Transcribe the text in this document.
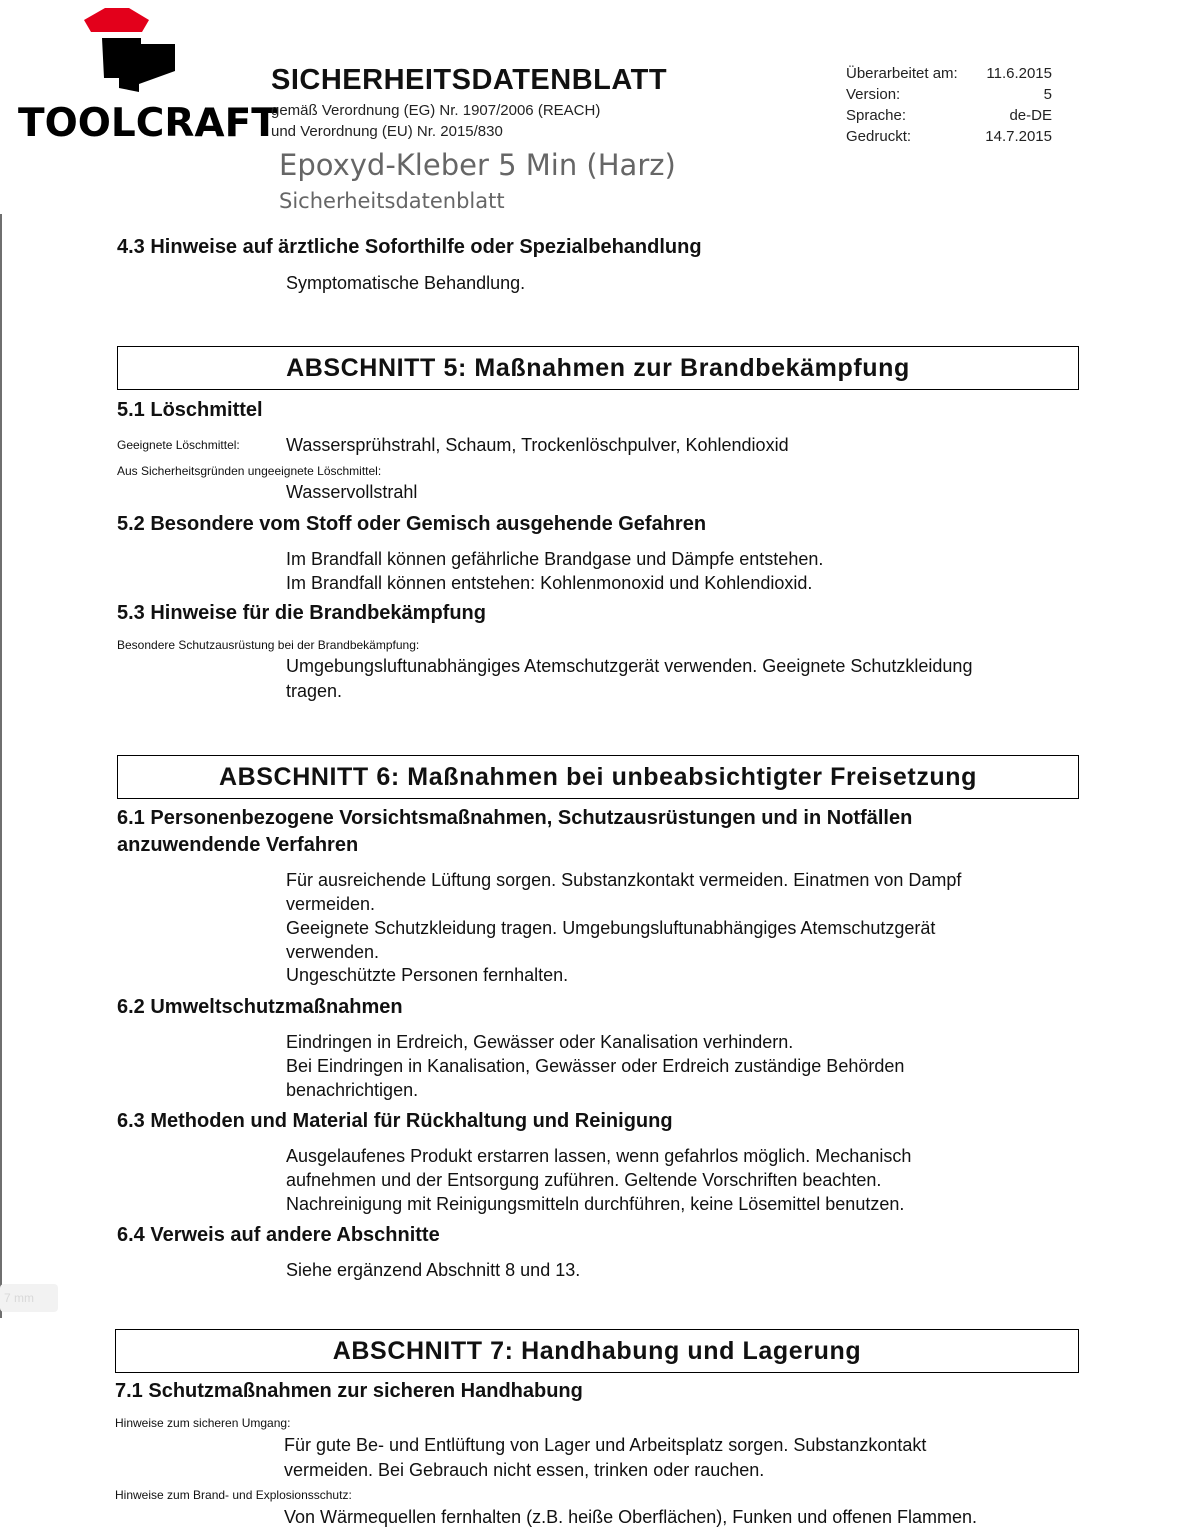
7 mm
TOOLCRAFT
SICHERHEITSDATENBLATT
gemäß Verordnung (EG) Nr. 1907/2006 (REACH)
und Verordnung (EU) Nr. 2015/830
Epoxyd-Kleber 5 Min (Harz)
Sicherheitsdatenblatt
Überarbeitet am:	11.6.2015
Version:	5
Sprache:	de-DE
Gedruckt:	14.7.2015
4.3 Hinweise auf ärztliche Soforthilfe oder Spezialbehandlung
Symptomatische Behandlung.
ABSCHNITT 5: Maßnahmen zur Brandbekämpfung
5.1 Löschmittel
Geeignete Löschmittel:	Wassersprühstrahl, Schaum, Trockenlöschpulver, Kohlendioxid
Aus Sicherheitsgründen ungeeignete Löschmittel:
Wasservollstrahl
5.2 Besondere vom Stoff oder Gemisch ausgehende Gefahren
Im Brandfall können gefährliche Brandgase und Dämpfe entstehen.
Im Brandfall können entstehen: Kohlenmonoxid und Kohlendioxid.
5.3 Hinweise für die Brandbekämpfung
Besondere Schutzausrüstung bei der Brandbekämpfung:
Umgebungsluftunabhängiges Atemschutzgerät verwenden. Geeignete Schutzkleidung
tragen.
ABSCHNITT 6: Maßnahmen bei unbeabsichtigter Freisetzung
6.1 Personenbezogene Vorsichtsmaßnahmen, Schutzausrüstungen und in Notfällen
anzuwendende Verfahren
Für ausreichende Lüftung sorgen. Substanzkontakt vermeiden. Einatmen von Dampf
vermeiden.
Geeignete Schutzkleidung tragen. Umgebungsluftunabhängiges Atemschutzgerät
verwenden.
Ungeschützte Personen fernhalten.
6.2 Umweltschutzmaßnahmen
Eindringen in Erdreich, Gewässer oder Kanalisation verhindern.
Bei Eindringen in Kanalisation, Gewässer oder Erdreich zuständige Behörden
benachrichtigen.
6.3 Methoden und Material für Rückhaltung und Reinigung
Ausgelaufenes Produkt erstarren lassen, wenn gefahrlos möglich. Mechanisch
aufnehmen und der Entsorgung zuführen. Geltende Vorschriften beachten.
Nachreinigung mit Reinigungsmitteln durchführen, keine Lösemittel benutzen.
6.4 Verweis auf andere Abschnitte
Siehe ergänzend Abschnitt 8 und 13.
ABSCHNITT 7: Handhabung und Lagerung
7.1 Schutzmaßnahmen zur sicheren Handhabung
Hinweise zum sicheren Umgang:
Für gute Be- und Entlüftung von Lager und Arbeitsplatz sorgen. Substanzkontakt
vermeiden. Bei Gebrauch nicht essen, trinken oder rauchen.
Hinweise zum Brand- und Explosionsschutz:
Von Wärmequellen fernhalten (z.B. heiße Oberflächen), Funken und offenen Flammen.
